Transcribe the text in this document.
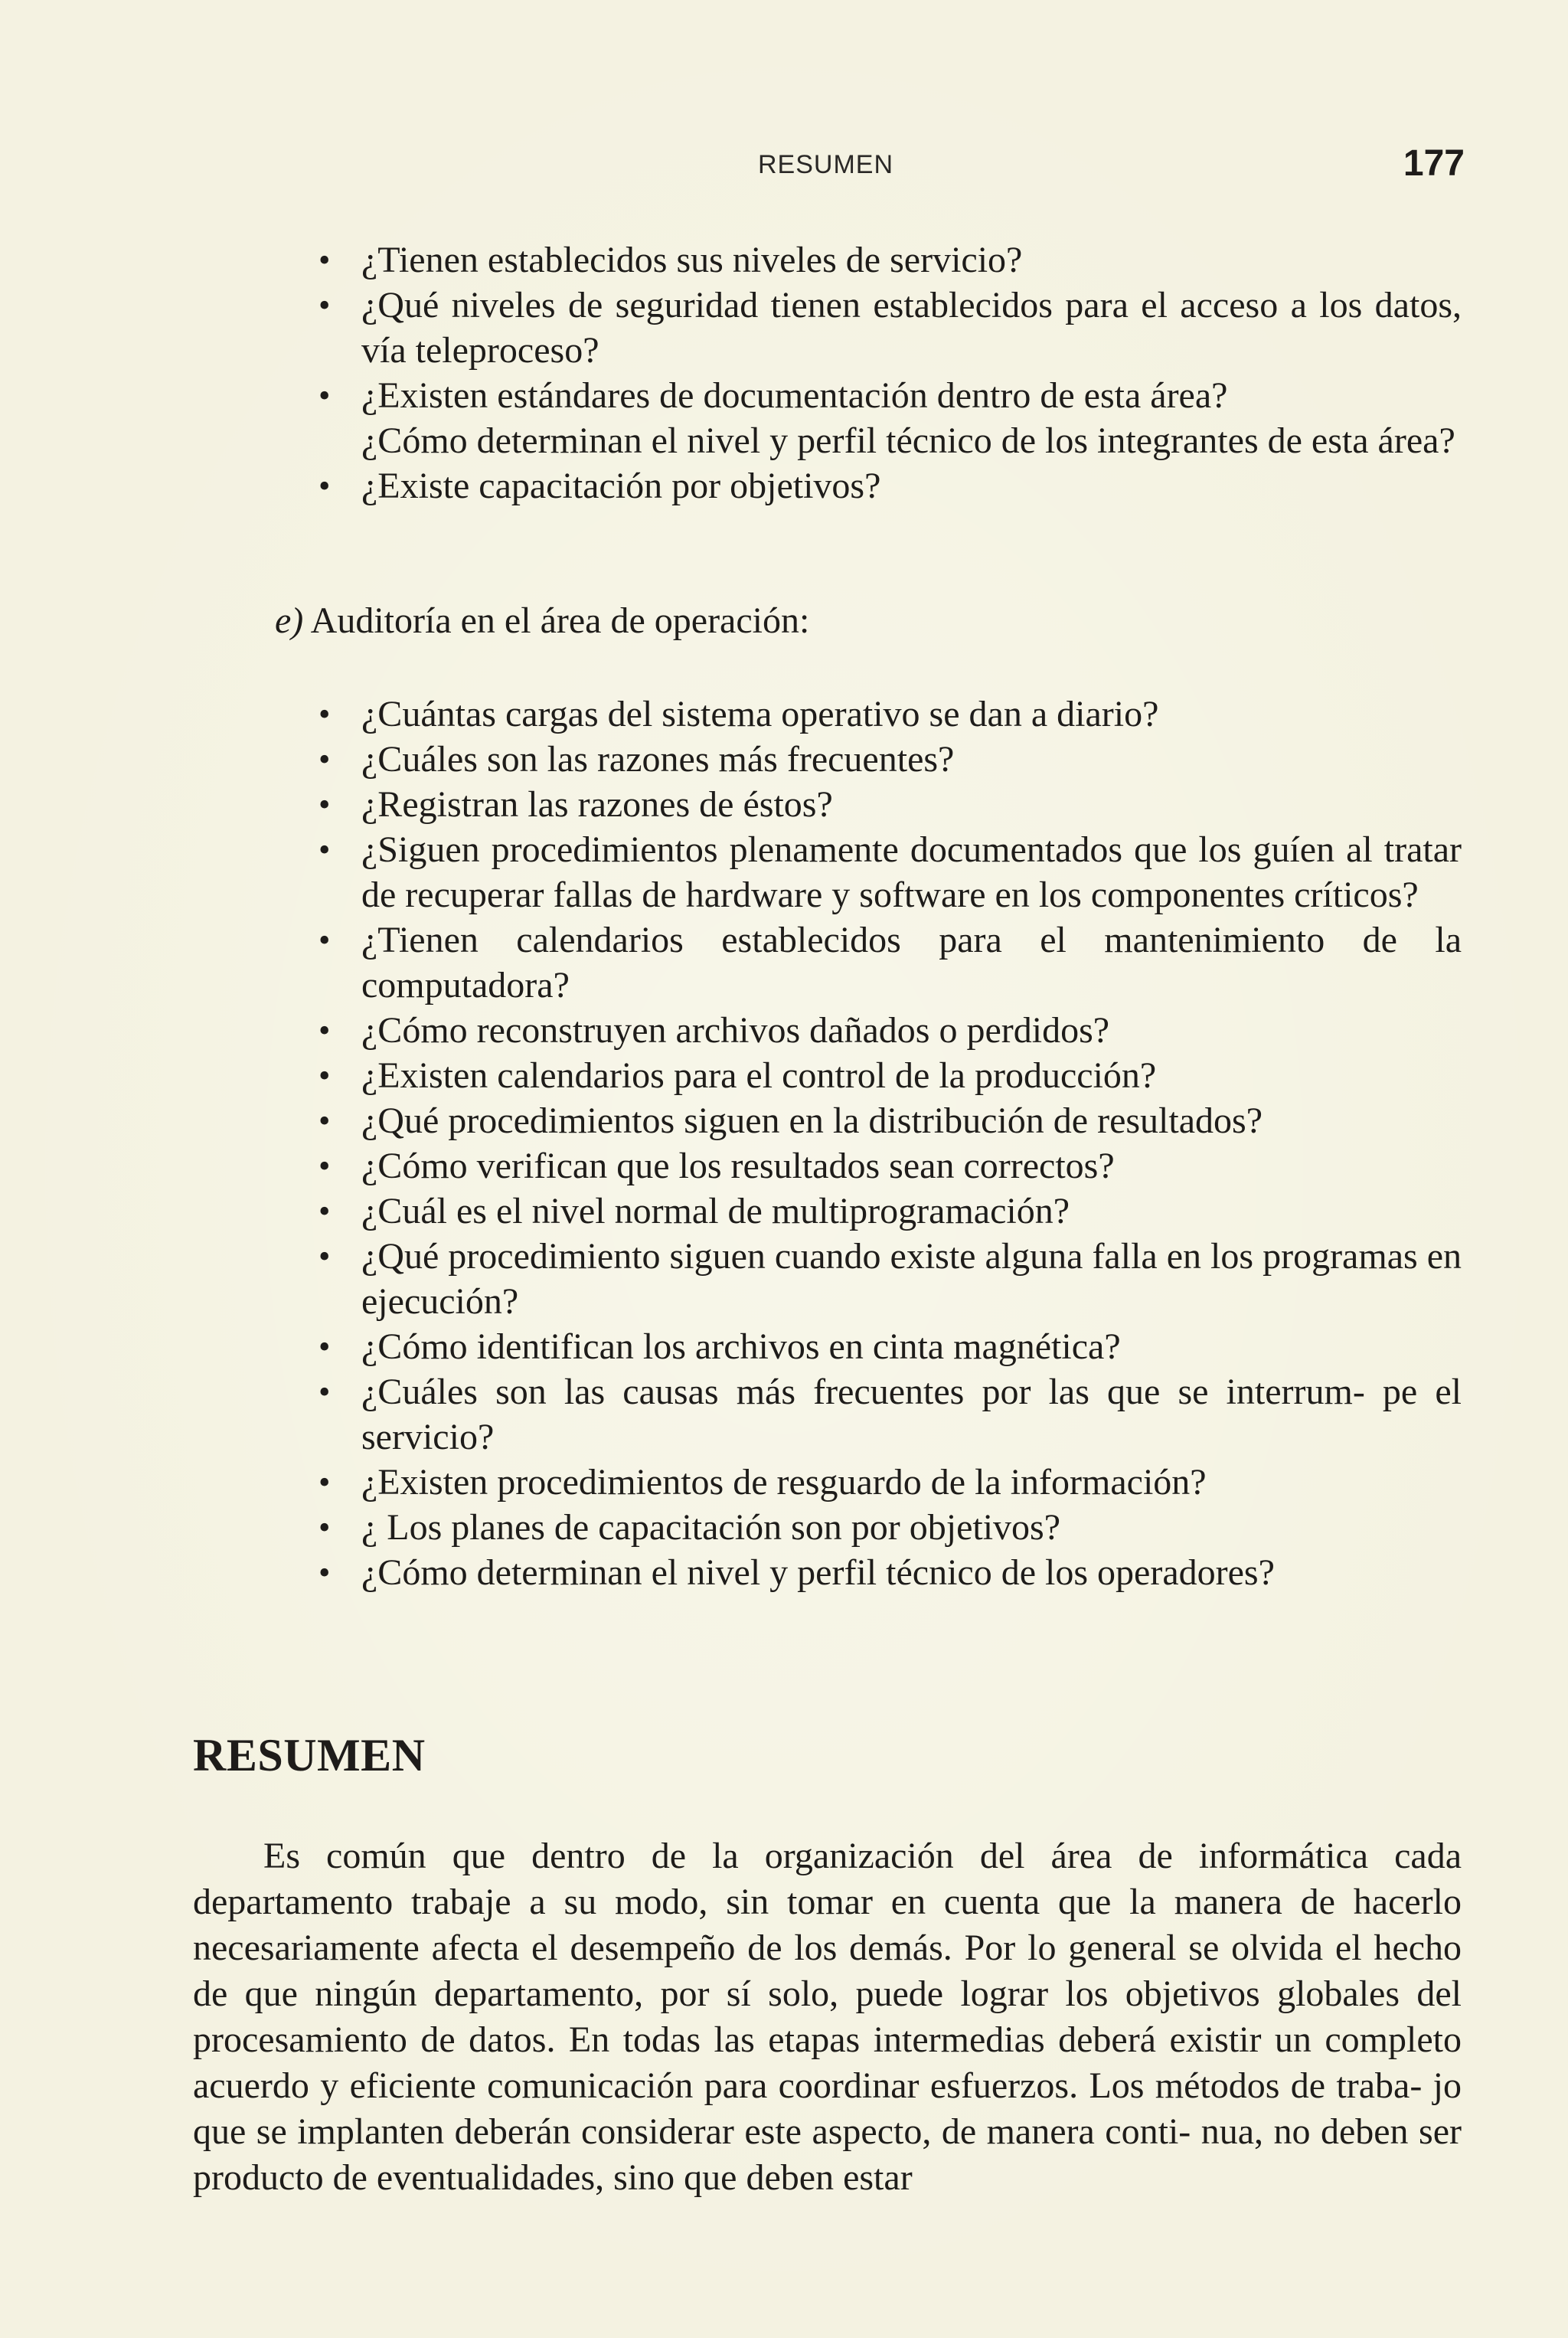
RESUMEN	177
• ¿Tienen establecidos sus niveles de servicio?
• ¿Qué niveles de seguridad tienen establecidos para el acceso a los datos, vía teleproceso?
• ¿Existen estándares de documentación dentro de esta área?
¿Cómo determinan el nivel y perfil técnico de los integrantes de esta área?
• ¿Existe capacitación por objetivos?
e) Auditoría en el área de operación:
• ¿Cuántas cargas del sistema operativo se dan a diario?
• ¿Cuáles son las razones más frecuentes?
• ¿Registran las razones de éstos?
• ¿Siguen procedimientos plenamente documentados que los guíen al tratar de recuperar fallas de hardware y software en los componentes críticos?
• ¿Tienen calendarios establecidos para el mantenimiento de la computadora?
• ¿Cómo reconstruyen archivos dañados o perdidos?
• ¿Existen calendarios para el control de la producción?
• ¿Qué procedimientos siguen en la distribución de resultados?
• ¿Cómo verifican que los resultados sean correctos?
• ¿Cuál es el nivel normal de multiprogramación?
• ¿Qué procedimiento siguen cuando existe alguna falla en los programas en ejecución?
• ¿Cómo identifican los archivos en cinta magnética?
• ¿Cuáles son las causas más frecuentes por las que se interrum- pe el servicio?
• ¿Existen procedimientos de resguardo de la información?
• ¿ Los planes de capacitación son por objetivos?
• ¿Cómo determinan el nivel y perfil técnico de los operadores?
RESUMEN

Es común que dentro de la organización del área de informática cada departamento trabaje a su modo, sin tomar en cuenta que la manera de hacerlo necesariamente afecta el desempeño de los demás. Por lo general se olvida el hecho de que ningún departamento, por sí solo, puede lograr los objetivos globales del procesamiento de datos. En todas las etapas intermedias deberá existir un completo acuerdo y eficiente comunicación para coordinar esfuerzos. Los métodos de traba- jo que se implanten deberán considerar este aspecto, de manera conti- nua, no deben ser producto de eventualidades, sino que deben estar
